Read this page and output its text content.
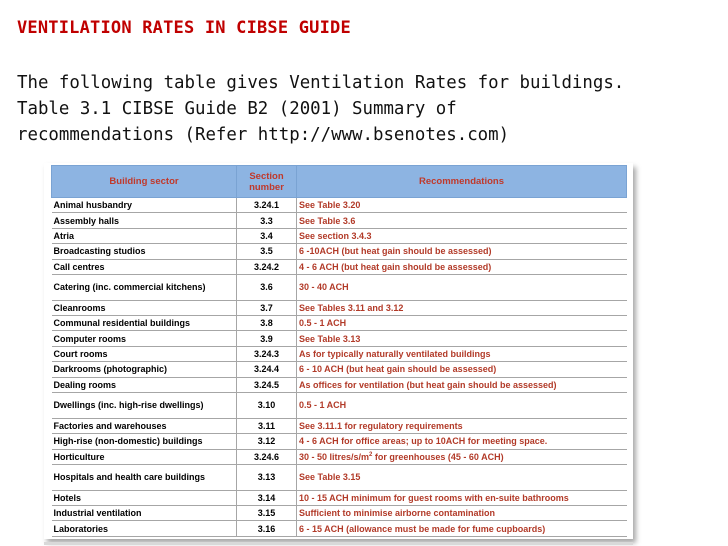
VENTILATION RATES IN CIBSE GUIDE
The following table gives Ventilation Rates for buildings.
Table 3.1 CIBSE Guide B2 (2001) Summary of
recommendations (Refer http://www.bsenotes.com)
Building sector	Section number	Recommendations
Animal husbandry	3.24.1	See Table 3.20
Assembly halls	3.3	See Table 3.6
Atria	3.4	See section 3.4.3
Broadcasting studios	3.5	6 -10ACH (but heat gain should be assessed)
Call centres	3.24.2	4 - 6 ACH (but heat gain should be assessed)
Catering (inc. commercial kitchens)	3.6	30 - 40 ACH
Cleanrooms	3.7	See Tables 3.11 and 3.12
Communal residential buildings	3.8	0.5 - 1 ACH
Computer rooms	3.9	See Table 3.13
Court rooms	3.24.3	As for typically naturally ventilated buildings
Darkrooms (photographic)	3.24.4	6 - 10 ACH (but heat gain should be assessed)
Dealing rooms	3.24.5	As offices for ventilation (but heat gain should be assessed)
Dwellings (inc. high-rise dwellings)	3.10	0.5 - 1 ACH
Factories and warehouses	3.11	See 3.11.1 for regulatory requirements
High-rise (non-domestic) buildings	3.12	4 - 6 ACH for office areas; up to 10ACH for meeting space.
Horticulture	3.24.6	30 - 50 litres/$s/m^2$ for greenhouses (45 - 60 ACH)
Hospitals and health care buildings	3.13	See Table 3.15
Hotels	3.14	10 - 15 ACH minimum for guest rooms with en-suite bathrooms
Industrial ventilation	3.15	Sufficient to minimise airborne contamination
Laboratories	3.16	6 - 15 ACH (allowance must be made for fume cupboards)
